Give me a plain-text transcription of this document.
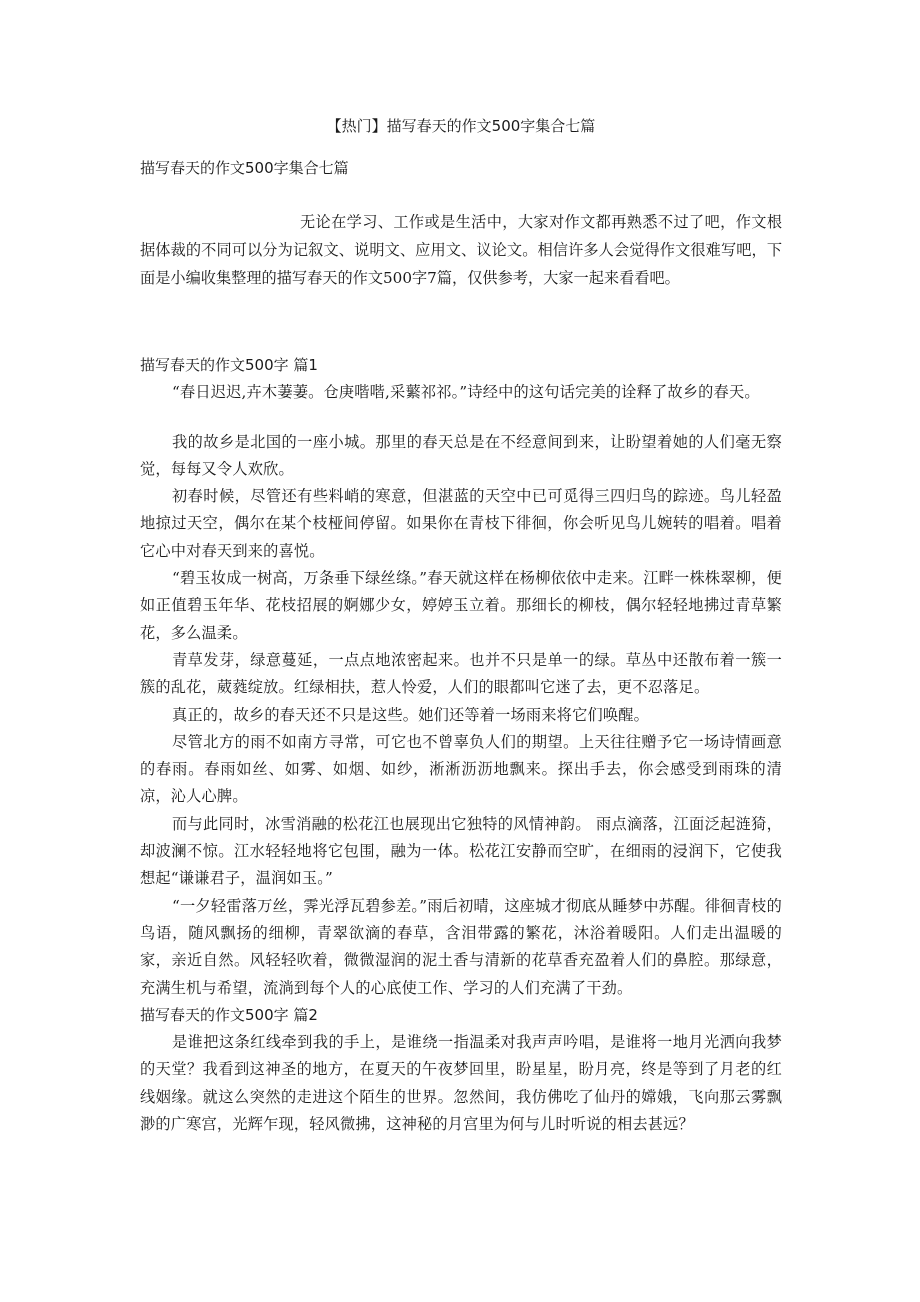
【热门】描写春天的作文500字集合七篇
描写春天的作文500字集合七篇

无论在学习、工作或是生活中，大家对作文都再熟悉不过了吧，作文根据体裁的不同可以分为记叙文、说明文、应用文、议论文。相信许多人会觉得作文很难写吧，下面是小编收集整理的描写春天的作文500字7篇，仅供参考，大家一起来看看吧。

描写春天的作文500字 篇1

“春日迟迟,卉木萋萋。仓庚喈喈,采蘩祁祁。”诗经中的这句话完美的诠释了故乡的春天。

我的故乡是北国的一座小城。那里的春天总是在不经意间到来，让盼望着她的人们毫无察觉，每每又令人欢欣。

初春时候，尽管还有些料峭的寒意，但湛蓝的天空中已可觅得三四归鸟的踪迹。鸟儿轻盈地掠过天空，偶尔在某个枝桠间停留。如果你在青枝下徘徊，你会听见鸟儿婉转的唱着。唱着它心中对春天到来的喜悦。

“碧玉妆成一树高，万条垂下绿丝绦。”春天就这样在杨柳依依中走来。江畔一株株翠柳，便如正值碧玉年华、花枝招展的婀娜少女，婷婷玉立着。那细长的柳枝，偶尔轻轻地拂过青草繁花，多么温柔。

青草发芽，绿意蔓延，一点点地浓密起来。也并不只是单一的绿。草丛中还散布着一簇一簇的乱花，葳蕤绽放。红绿相扶，惹人怜爱，人们的眼都叫它迷了去，更不忍落足。

真正的，故乡的春天还不只是这些。她们还等着一场雨来将它们唤醒。

尽管北方的雨不如南方寻常，可它也不曾辜负人们的期望。上天往往赠予它一场诗情画意的春雨。春雨如丝、如雾、如烟、如纱，淅淅沥沥地飘来。探出手去，你会感受到雨珠的清凉，沁人心脾。

而与此同时，冰雪消融的松花江也展现出它独特的风情神韵。 雨点滴落，江面泛起涟猗，却波澜不惊。江水轻轻地将它包围，融为一体。松花江安静而空旷，在细雨的浸润下，它使我想起“谦谦君子，温润如玉。”

“一夕轻雷落万丝，霁光浮瓦碧参差。”雨后初晴，这座城才彻底从睡梦中苏醒。徘徊青枝的鸟语，随风飘扬的细柳，青翠欲滴的春草，含泪带露的繁花，沐浴着暖阳。人们走出温暖的家，亲近自然。风轻轻吹着，微微湿润的泥土香与清新的花草香充盈着人们的鼻腔。那绿意，充满生机与希望，流淌到每个人的心底使工作、学习的人们充满了干劲。

描写春天的作文500字 篇2

是谁把这条红线牵到我的手上，是谁绕一指温柔对我声声吟唱，是谁将一地月光洒向我梦的天堂？我看到这神圣的地方，在夏天的午夜梦回里，盼星星，盼月亮，终是等到了月老的红线姻缘。就这么突然的走进这个陌生的世界。忽然间，我仿佛吃了仙丹的嫦娥，飞向那云雾飘渺的广寒宫，光辉乍现，轻风微拂，这神秘的月宫里为何与儿时听说的相去甚远？
